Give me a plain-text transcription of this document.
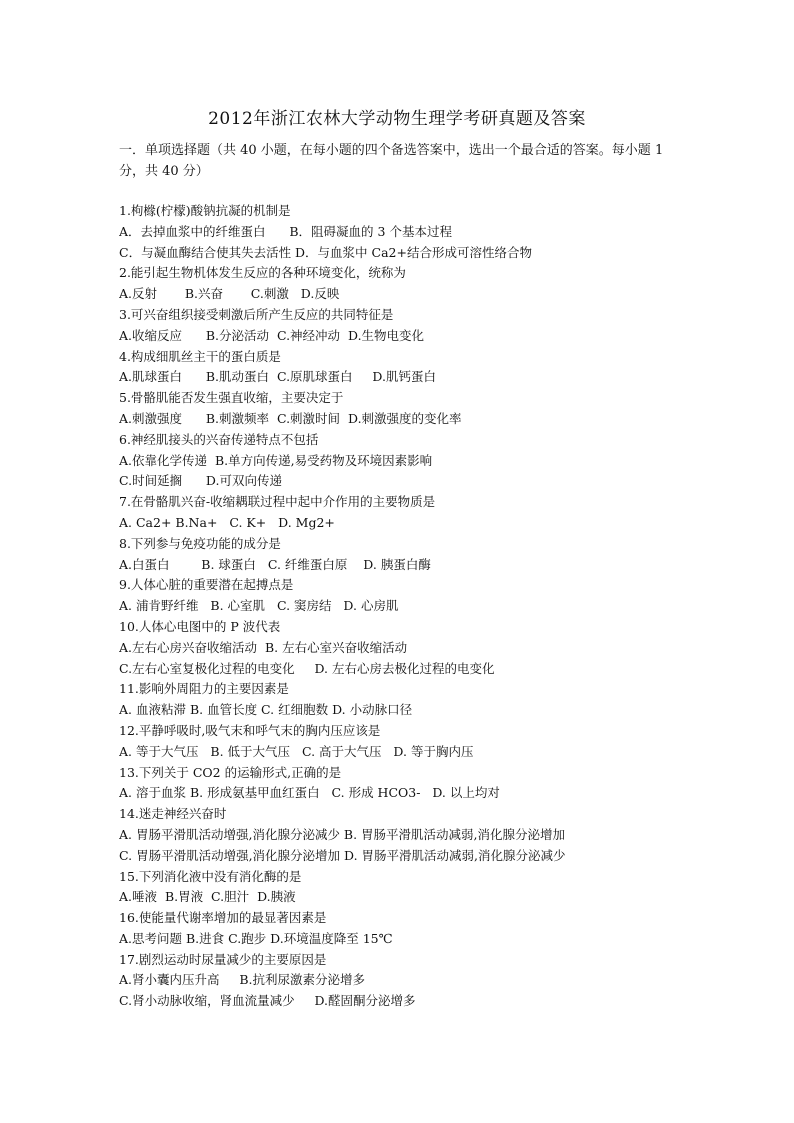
2012年浙江农林大学动物生理学考研真题及答案
一．单项选择题（共 40 小题，在每小题的四个备选答案中，选出一个最合适的答案。每小题 1 分，共 40 分）
1.枸橼(柠檬)酸钠抗凝的机制是
A．去掉血浆中的纤维蛋白      B．阻碍凝血的 3 个基本过程
C．与凝血酶结合使其失去活性 D．与血浆中 Ca2+结合形成可溶性络合物
2.能引起生物机体发生反应的各种环境变化，统称为
A.反射       B.兴奋       C.刺激   D.反映
3.可兴奋组织接受刺激后所产生反应的共同特征是
A.收缩反应      B.分泌活动  C.神经冲动  D.生物电变化
4.构成细肌丝主干的蛋白质是
A.肌球蛋白      B.肌动蛋白  C.原肌球蛋白     D.肌钙蛋白
5.骨骼肌能否发生强直收缩，主要决定于
A.刺激强度      B.刺激频率  C.刺激时间  D.刺激强度的变化率
6.神经肌接头的兴奋传递特点不包括
A.依靠化学传递  B.单方向传递,易受药物及环境因素影响
C.时间延搁      D.可双向传递
7.在骨骼肌兴奋-收缩耦联过程中起中介作用的主要物质是
A. Ca2+ B.Na+   C. K+   D. Mg2+
8.下列参与免疫功能的成分是
A.白蛋白        B. 球蛋白   C. 纤维蛋白原    D. 胰蛋白酶
9.人体心脏的重要潜在起搏点是
A. 浦肯野纤维   B. 心室肌   C. 窦房结   D. 心房肌
10.人体心电图中的 P 波代表
A.左右心房兴奋收缩活动  B. 左右心室兴奋收缩活动
C.左右心室复极化过程的电变化     D. 左右心房去极化过程的电变化
11.影响外周阻力的主要因素是
A. 血液粘滞 B. 血管长度 C. 红细胞数 D. 小动脉口径
12.平静呼吸时,吸气末和呼气末的胸内压应该是
A. 等于大气压   B. 低于大气压   C. 高于大气压   D. 等于胸内压
13.下列关于 CO2 的运输形式,正确的是
A. 溶于血浆 B. 形成氨基甲血红蛋白   C. 形成 HCO3-   D. 以上均对
14.迷走神经兴奋时
A. 胃肠平滑肌活动增强,消化腺分泌减少 B. 胃肠平滑肌活动减弱,消化腺分泌增加
C. 胃肠平滑肌活动增强,消化腺分泌增加 D. 胃肠平滑肌活动减弱,消化腺分泌减少
15.下列消化液中没有消化酶的是
A.唾液  B.胃液  C.胆汁  D.胰液
16.使能量代谢率增加的最显著因素是
A.思考问题 B.进食 C.跑步 D.环境温度降至 15℃
17.剧烈运动时尿量减少的主要原因是
A.肾小囊内压升高     B.抗利尿激素分泌增多
C.肾小动脉收缩，肾血流量减少     D.醛固酮分泌增多
